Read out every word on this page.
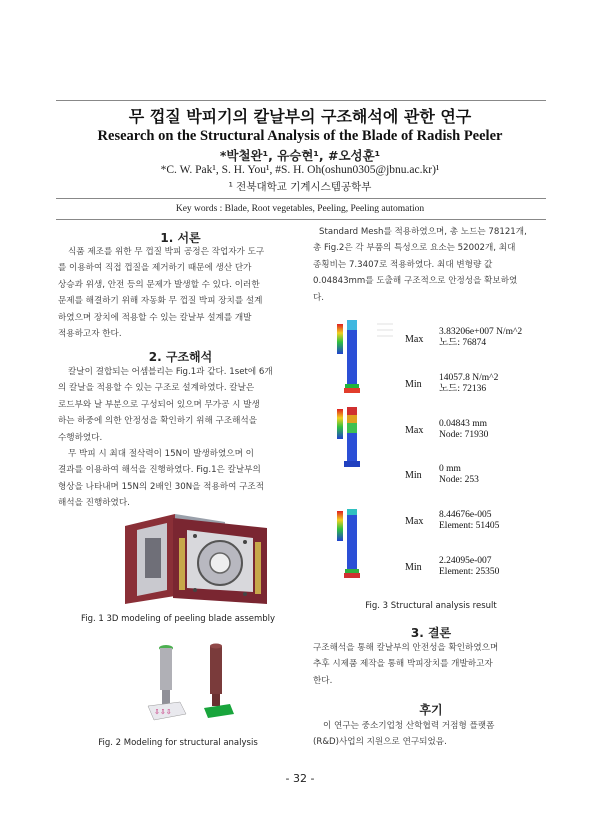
무 껍질 박피기의 칼날부의 구조해석에 관한 연구
Research on the Structural Analysis of the Blade of Radish Peeler
*박철완¹, 유승현¹, #오성훈¹
*C. W. Pak¹, S. H. You¹, #S. H. Oh(oshun0305@jbnu.ac.kr)¹
¹ 전북대학교 기계시스템공학부
Key words : Blade, Root vegetables, Peeling, Peeling automation
1. 서론
식품 제조를 위한 무 껍질 박피 공정은 작업자가 도구
를 이용하여 직접 껍질을 제거하기 때문에 생산 단가
상승과 위생, 안전 등의 문제가 발생할 수 있다. 이러한
문제를 해결하기 위해 자동화 무 껍질 박피 장치를 설계
하였으며 장치에 적용할 수 있는 칼날부 설계를 개발
적용하고자 한다.
2. 구조해석
칼날이 결합되는 어셈블리는 Fig.1과 같다. 1set에 6개
의 칼날을 적용할 수 있는 구조로 설계하였다. 칼날은
로드부와 날 부분으로 구성되어 있으며 무가공 시 발생
하는 하중에 의한 안정성을 확인하기 위해 구조해석을
수행하였다.
무 박피 시 최대 절삭력이 15N이 발생하였으며 이
결과를 이용하여 해석을 진행하였다. Fig.1은 칼날부의
형상을 나타내며 15N의 2배인 30N을 적용하여 구조적
해석을 진행하였다.
Fig. 1 3D modeling of peeling blade assembly
⇩⇩⇩
Fig. 2 Modeling for structural analysis
Standard Mesh를 적용하였으며, 총 노드는 78121개,
총 Fig.2은 각 부품의 특성으로 요소는 52002개, 최대
종횡비는 7.3407로 적용하였다. 최대 변형량 값
0.04843mm를 도출해 구조적으로 안정성을 확보하였
다.
Max
3.83206e+007 N/m^2
노드: 76874
Min
14057.8 N/m^2
노드: 72136
Max
0.04843 mm
Node: 71930
Min
0 mm
Node: 253
Max
8.44676e-005
Element: 51405
Min
2.24095e-007
Element: 25350
Fig. 3 Structural analysis result
3. 결론
구조해석을 통해 칼날부의 안전성을 확인하였으며
추후 시제품 제작을 통해 박피장치를 개발하고자
한다.
후기
이 연구는 중소기업청 산학협력 거점형 플랫폼
(R&D)사업의 지원으로 연구되었음.
- 32 -
